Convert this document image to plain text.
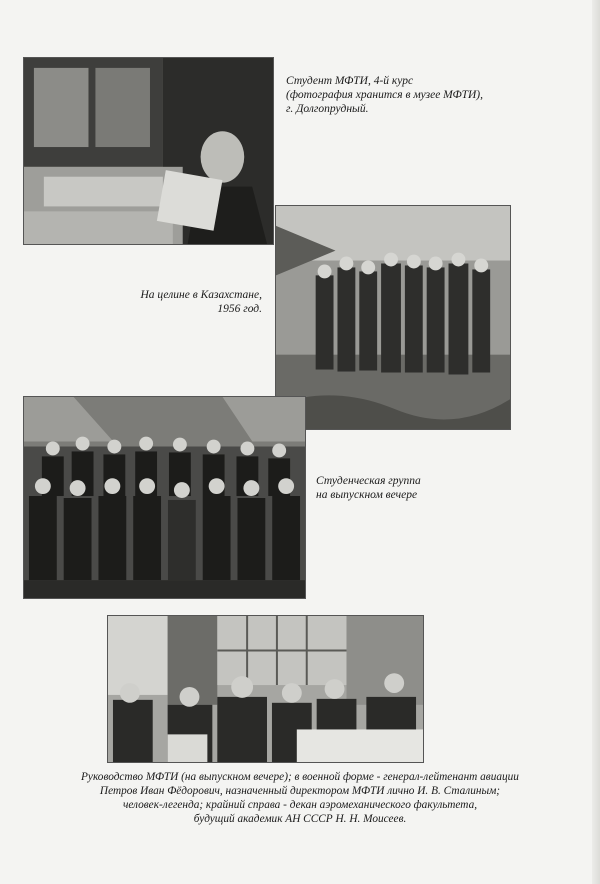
Студент МФТИ, 4-й курс
(фотография хранится в музее МФТИ),
г. Долгопрудный.
На целине в Казахстане,
1956 год.
Студенческая группа
на выпускном вечере
Руководство МФТИ (на выпускном вечере); в военной форме - генерал-лейтенант авиации
Петров Иван Фёдорович, назначенный директором МФТИ лично И. В. Сталиным;
человек-легенда; крайний справа - декан аэромеханического факультета,
будущий академик АН СССР Н. Н. Моисеев.
